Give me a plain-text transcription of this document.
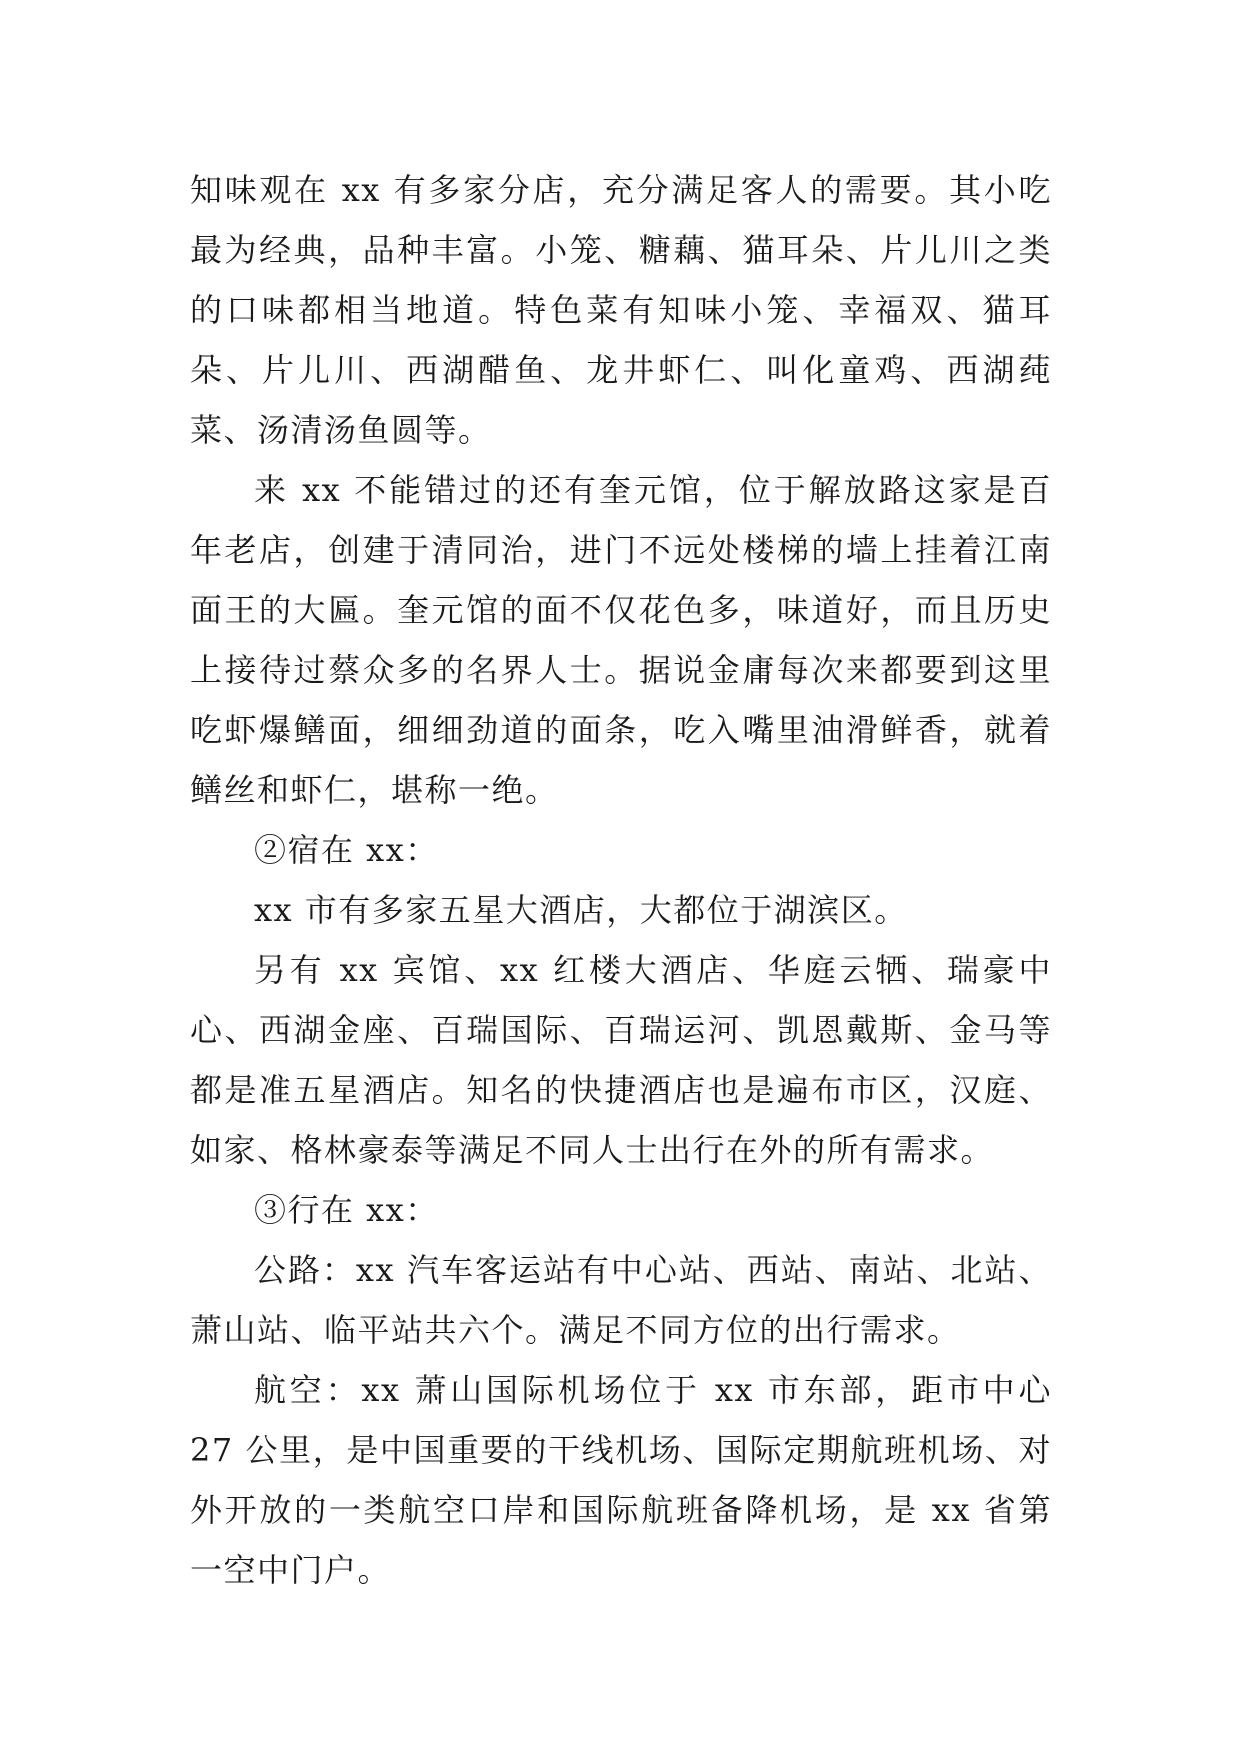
知味观在 xx 有多家分店，充分满足客人的需要。其小吃最为经典，品种丰富。小笼、糖藕、猫耳朵、片儿川之类的口味都相当地道。特色菜有知味小笼、幸福双、猫耳朵、片儿川、西湖醋鱼、龙井虾仁、叫化童鸡、西湖莼菜、汤清汤鱼圆等。

来 xx 不能错过的还有奎元馆，位于解放路这家是百年老店，创建于清同治，进门不远处楼梯的墙上挂着江南面王的大匾。奎元馆的面不仅花色多，味道好，而且历史上接待过蔡众多的名界人士。据说金庸每次来都要到这里吃虾爆鳝面，细细劲道的面条，吃入嘴里油滑鲜香，就着鳝丝和虾仁，堪称一绝。

②宿在 xx：

xx 市有多家五星大酒店，大都位于湖滨区。

另有 xx 宾馆、xx 红楼大酒店、华庭云牺、瑞豪中心、西湖金座、百瑞国际、百瑞运河、凯恩戴斯、金马等都是准五星酒店。知名的快捷酒店也是遍布市区，汉庭、如家、格林豪泰等满足不同人士出行在外的所有需求。

③行在 xx：

公路：xx 汽车客运站有中心站、西站、南站、北站、萧山站、临平站共六个。满足不同方位的出行需求。

航空：xx 萧山国际机场位于 xx 市东部，距市中心 27 公里，是中国重要的干线机场、国际定期航班机场、对外开放的一类航空口岸和国际航班备降机场，是 xx 省第一空中门户。
